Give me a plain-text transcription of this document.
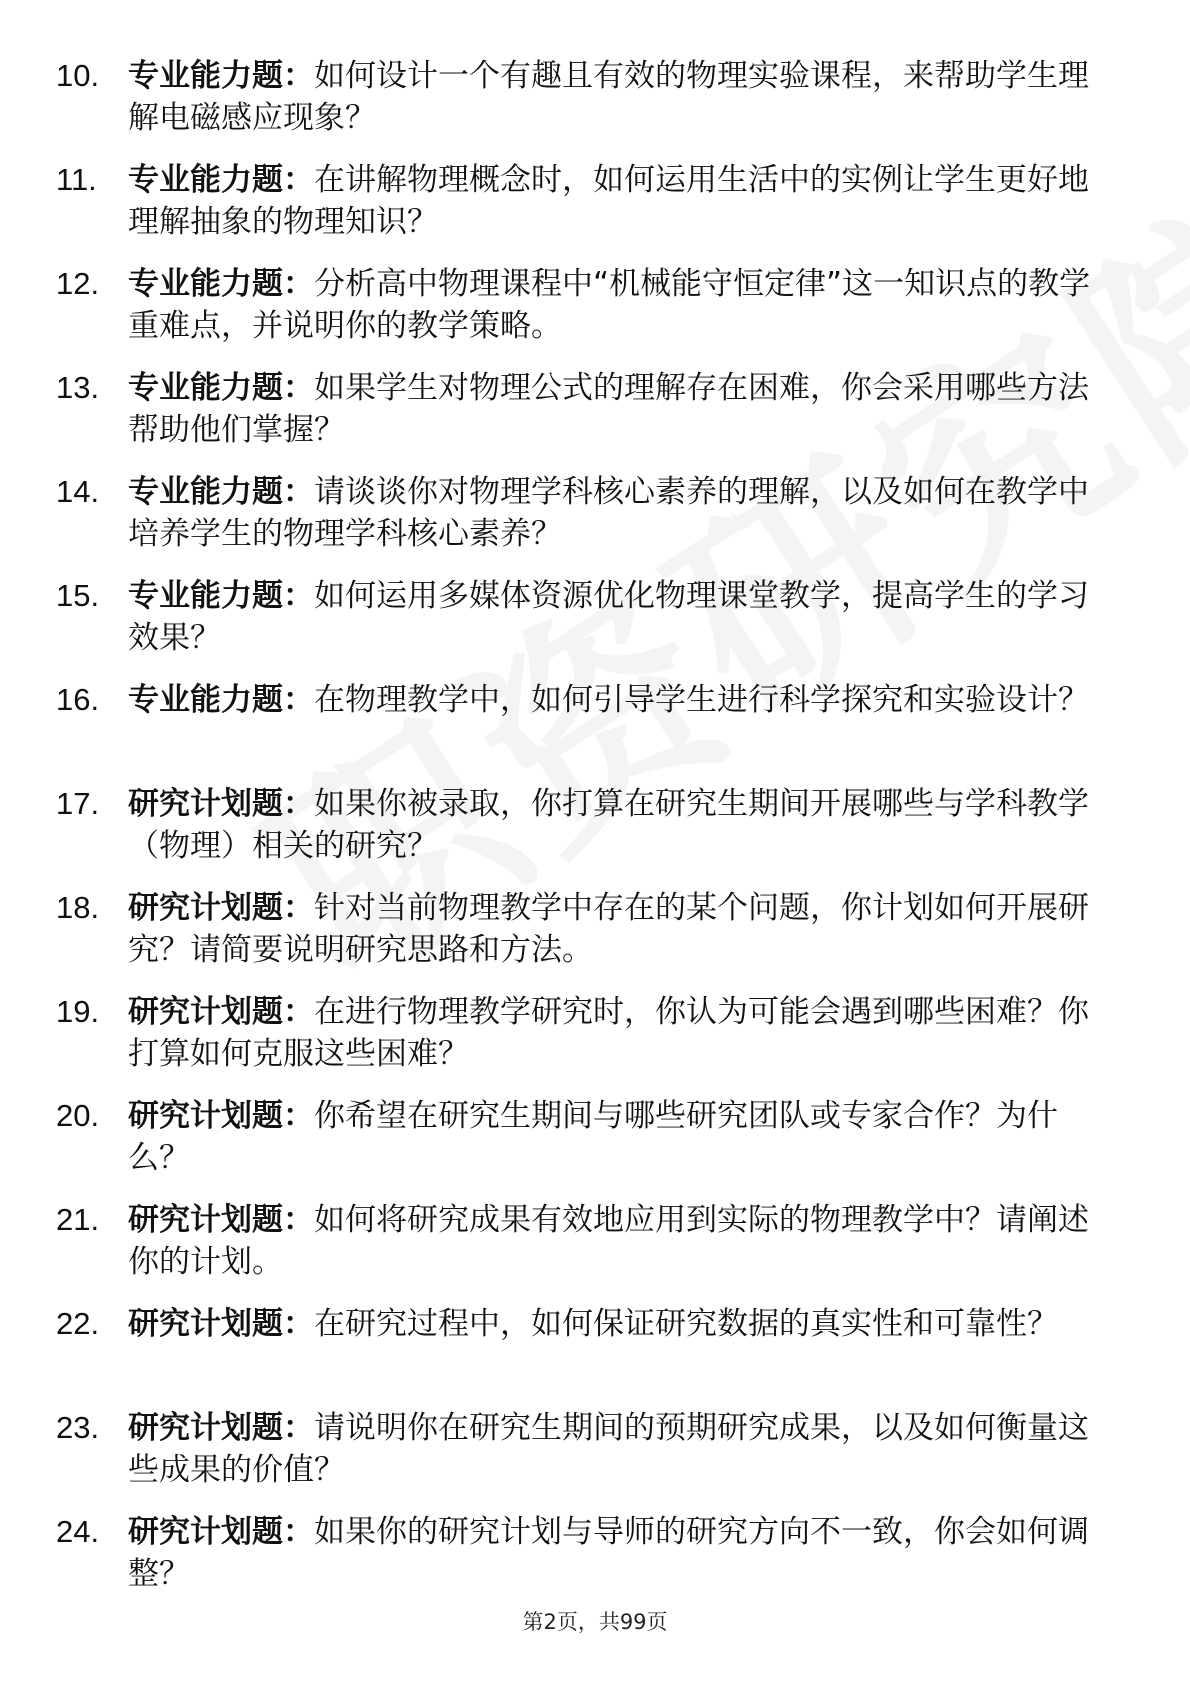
10. 专业能力题：如何设计一个有趣且有效的物理实验课程，来帮助学生理解电磁感应现象？
11.	专业能力题：在讲解物理概念时，如何运用生活中的实例让学生更好地理解抽象的物理知识？
12. 专业能力题：分析高中物理课程中“机械能守恒定律”这一知识点的教学重难点，并说明你的教学策略。
13. 专业能力题：如果学生对物理公式的理解存在困难，你会采用哪些方法帮助他们掌握？
14. 专业能力题：请谈谈你对物理学科核心素养的理解，以及如何在教学中培养学生的物理学科核心素养？
15. 专业能力题：如何运用多媒体资源优化物理课堂教学，提高学生的学习效果？
16. 专业能力题：在物理教学中，如何引导学生进行科学探究和实验设计？
17. 研究计划题：如果你被录取，你打算在研究生期间开展哪些与学科教学（物理）相关的研究？
18. 研究计划题：针对当前物理教学中存在的某个问题，你计划如何开展研究？请简要说明研究思路和方法。
19. 研究计划题：在进行物理教学研究时，你认为可能会遇到哪些困难？你打算如何克服这些困难？
20. 研究计划题：你希望在研究生期间与哪些研究团队或专家合作？为什么？
21. 研究计划题：如何将研究成果有效地应用到实际的物理教学中？请阐述你的计划。
22. 研究计划题：在研究过程中，如何保证研究数据的真实性和可靠性？
23. 研究计划题：请说明你在研究生期间的预期研究成果，以及如何衡量这些成果的价值？
24. 研究计划题：如果你的研究计划与导师的研究方向不一致，你会如何调整？
第2页，共99页
